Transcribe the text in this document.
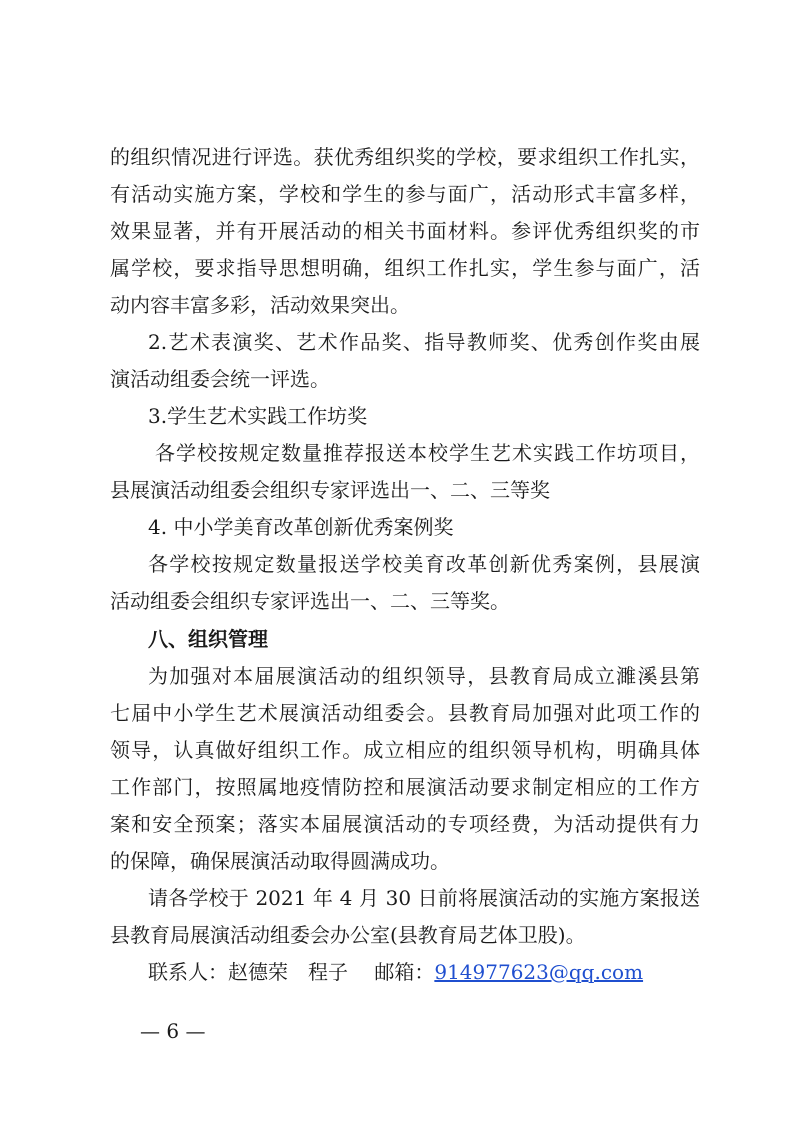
的组织情况进行评选。获优秀组织奖的学校，要求组织工作扎实，
有活动实施方案，学校和学生的参与面广，活动形式丰富多样，
效果显著，并有开展活动的相关书面材料。参评优秀组织奖的市
属学校，要求指导思想明确，组织工作扎实，学生参与面广，活
动内容丰富多彩，活动效果突出。
2.艺术表演奖、艺术作品奖、指导教师奖、优秀创作奖由展
演活动组委会统一评选。
3.学生艺术实践工作坊奖
各学校按规定数量推荐报送本校学生艺术实践工作坊项目，
县展演活动组委会组织专家评选出一、二、三等奖
4. 中小学美育改革创新优秀案例奖
各学校按规定数量报送学校美育改革创新优秀案例，县展演
活动组委会组织专家评选出一、二、三等奖。
八、组织管理
为加强对本届展演活动的组织领导，县教育局成立濉溪县第
七届中小学生艺术展演活动组委会。县教育局加强对此项工作的
领导，认真做好组织工作。成立相应的组织领导机构，明确具体
工作部门，按照属地疫情防控和展演活动要求制定相应的工作方
案和安全预案；落实本届展演活动的专项经费，为活动提供有力
的保障，确保展演活动取得圆满成功。
请各学校于 2021 年 4 月 30 日前将展演活动的实施方案报送
县教育局展演活动组委会办公室(县教育局艺体卫股)。
联系人：赵德荣　程子　 邮箱：914977623@qq.com
— 6 —
